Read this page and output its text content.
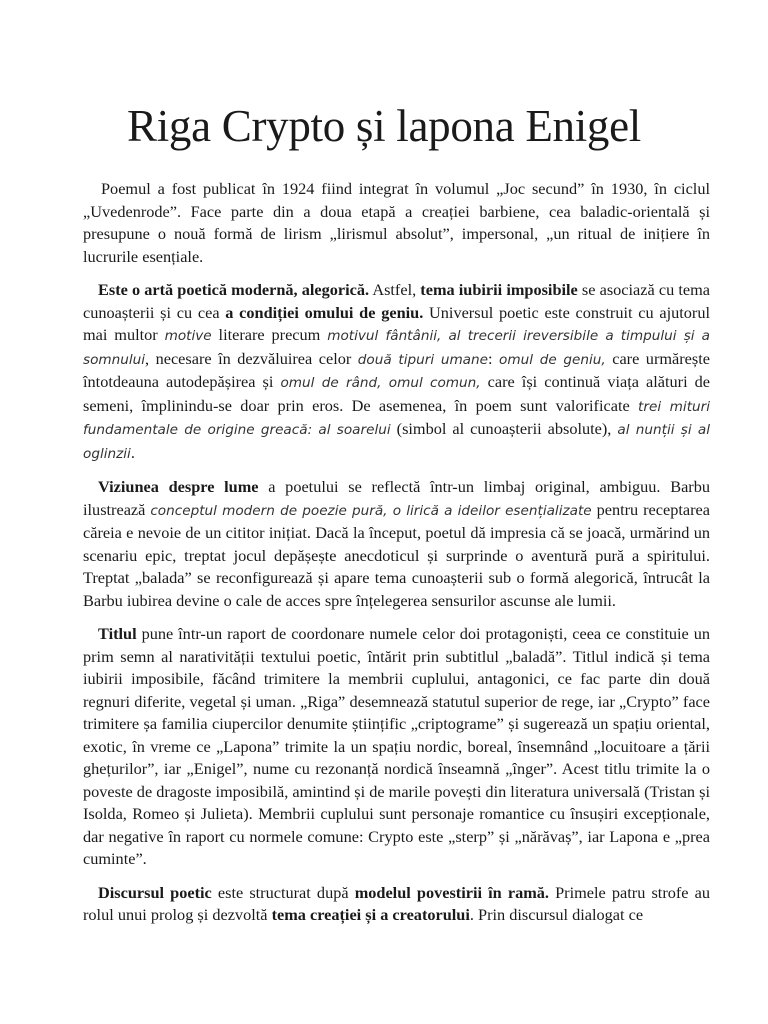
Riga Crypto și lapona Enigel

Poemul a fost publicat în 1924 fiind integrat în volumul „Joc secund” în 1930, în ciclul „Uvedenrode”. Face parte din a doua etapă a creației barbiene, cea baladic-orientală și presupune o nouă formă de lirism „lirismul absolut”, impersonal, „un ritual de inițiere în lucrurile esențiale.

Este o artă poetică modernă, alegorică. Astfel, tema iubirii imposibile se asociază cu tema cunoașterii și cu cea a condiției omului de geniu. Universul poetic este construit cu ajutorul mai multor motive literare precum motivul fântânii, al trecerii ireversibile a timpului și a somnului, necesare în dezvăluirea celor două tipuri umane: omul de geniu, care urmărește întotdeauna autodepășirea și omul de rând, omul comun, care își continuă viața alături de semeni, împlinindu-se doar prin eros. De asemenea, în poem sunt valorificate trei mituri fundamentale de origine greacă: al soarelui (simbol al cunoașterii absolute), al nunții și al oglinzii.

Viziunea despre lume a poetului se reflectă într-un limbaj original, ambiguu. Barbu ilustrează conceptul modern de poezie pură, o lirică a ideilor esențializate pentru receptarea căreia e nevoie de un cititor inițiat. Dacă la început, poetul dă impresia că se joacă, urmărind un scenariu epic, treptat jocul depășește anecdoticul și surprinde o aventură pură a spiritului. Treptat „balada” se reconfigurează și apare tema cunoașterii sub o formă alegorică, întrucât la Barbu iubirea devine o cale de acces spre înțelegerea sensurilor ascunse ale lumii.

Titlul pune într-un raport de coordonare numele celor doi protagoniști, ceea ce constituie un prim semn al narativității textului poetic, întărit prin subtitlul „baladă”. Titlul indică și tema iubirii imposibile, făcând trimitere la membrii cuplului, antagonici, ce fac parte din două regnuri diferite, vegetal și uman. „Riga” desemnează statutul superior de rege, iar „Crypto” face trimitere șa familia ciupercilor denumite științific „criptograme” și sugerează un spațiu oriental, exotic, în vreme ce „Lapona” trimite la un spațiu nordic, boreal, însemnând „locuitoare a țării ghețurilor”, iar „Enigel”, nume cu rezonanță nordică înseamnă „înger”. Acest titlu trimite la o poveste de dragoste imposibilă, amintind și de marile povești din literatura universală (Tristan și Isolda, Romeo și Julieta). Membrii cuplului sunt personaje romantice cu însușiri excepționale, dar negative în raport cu normele comune: Crypto este „sterp” și „nărăvaș”, iar Lapona e „prea cuminte”.

Discursul poetic este structurat după modelul povestirii în ramă. Primele patru strofe au rolul unui prolog și dezvoltă tema creației și a creatorului. Prin discursul dialogat ce
